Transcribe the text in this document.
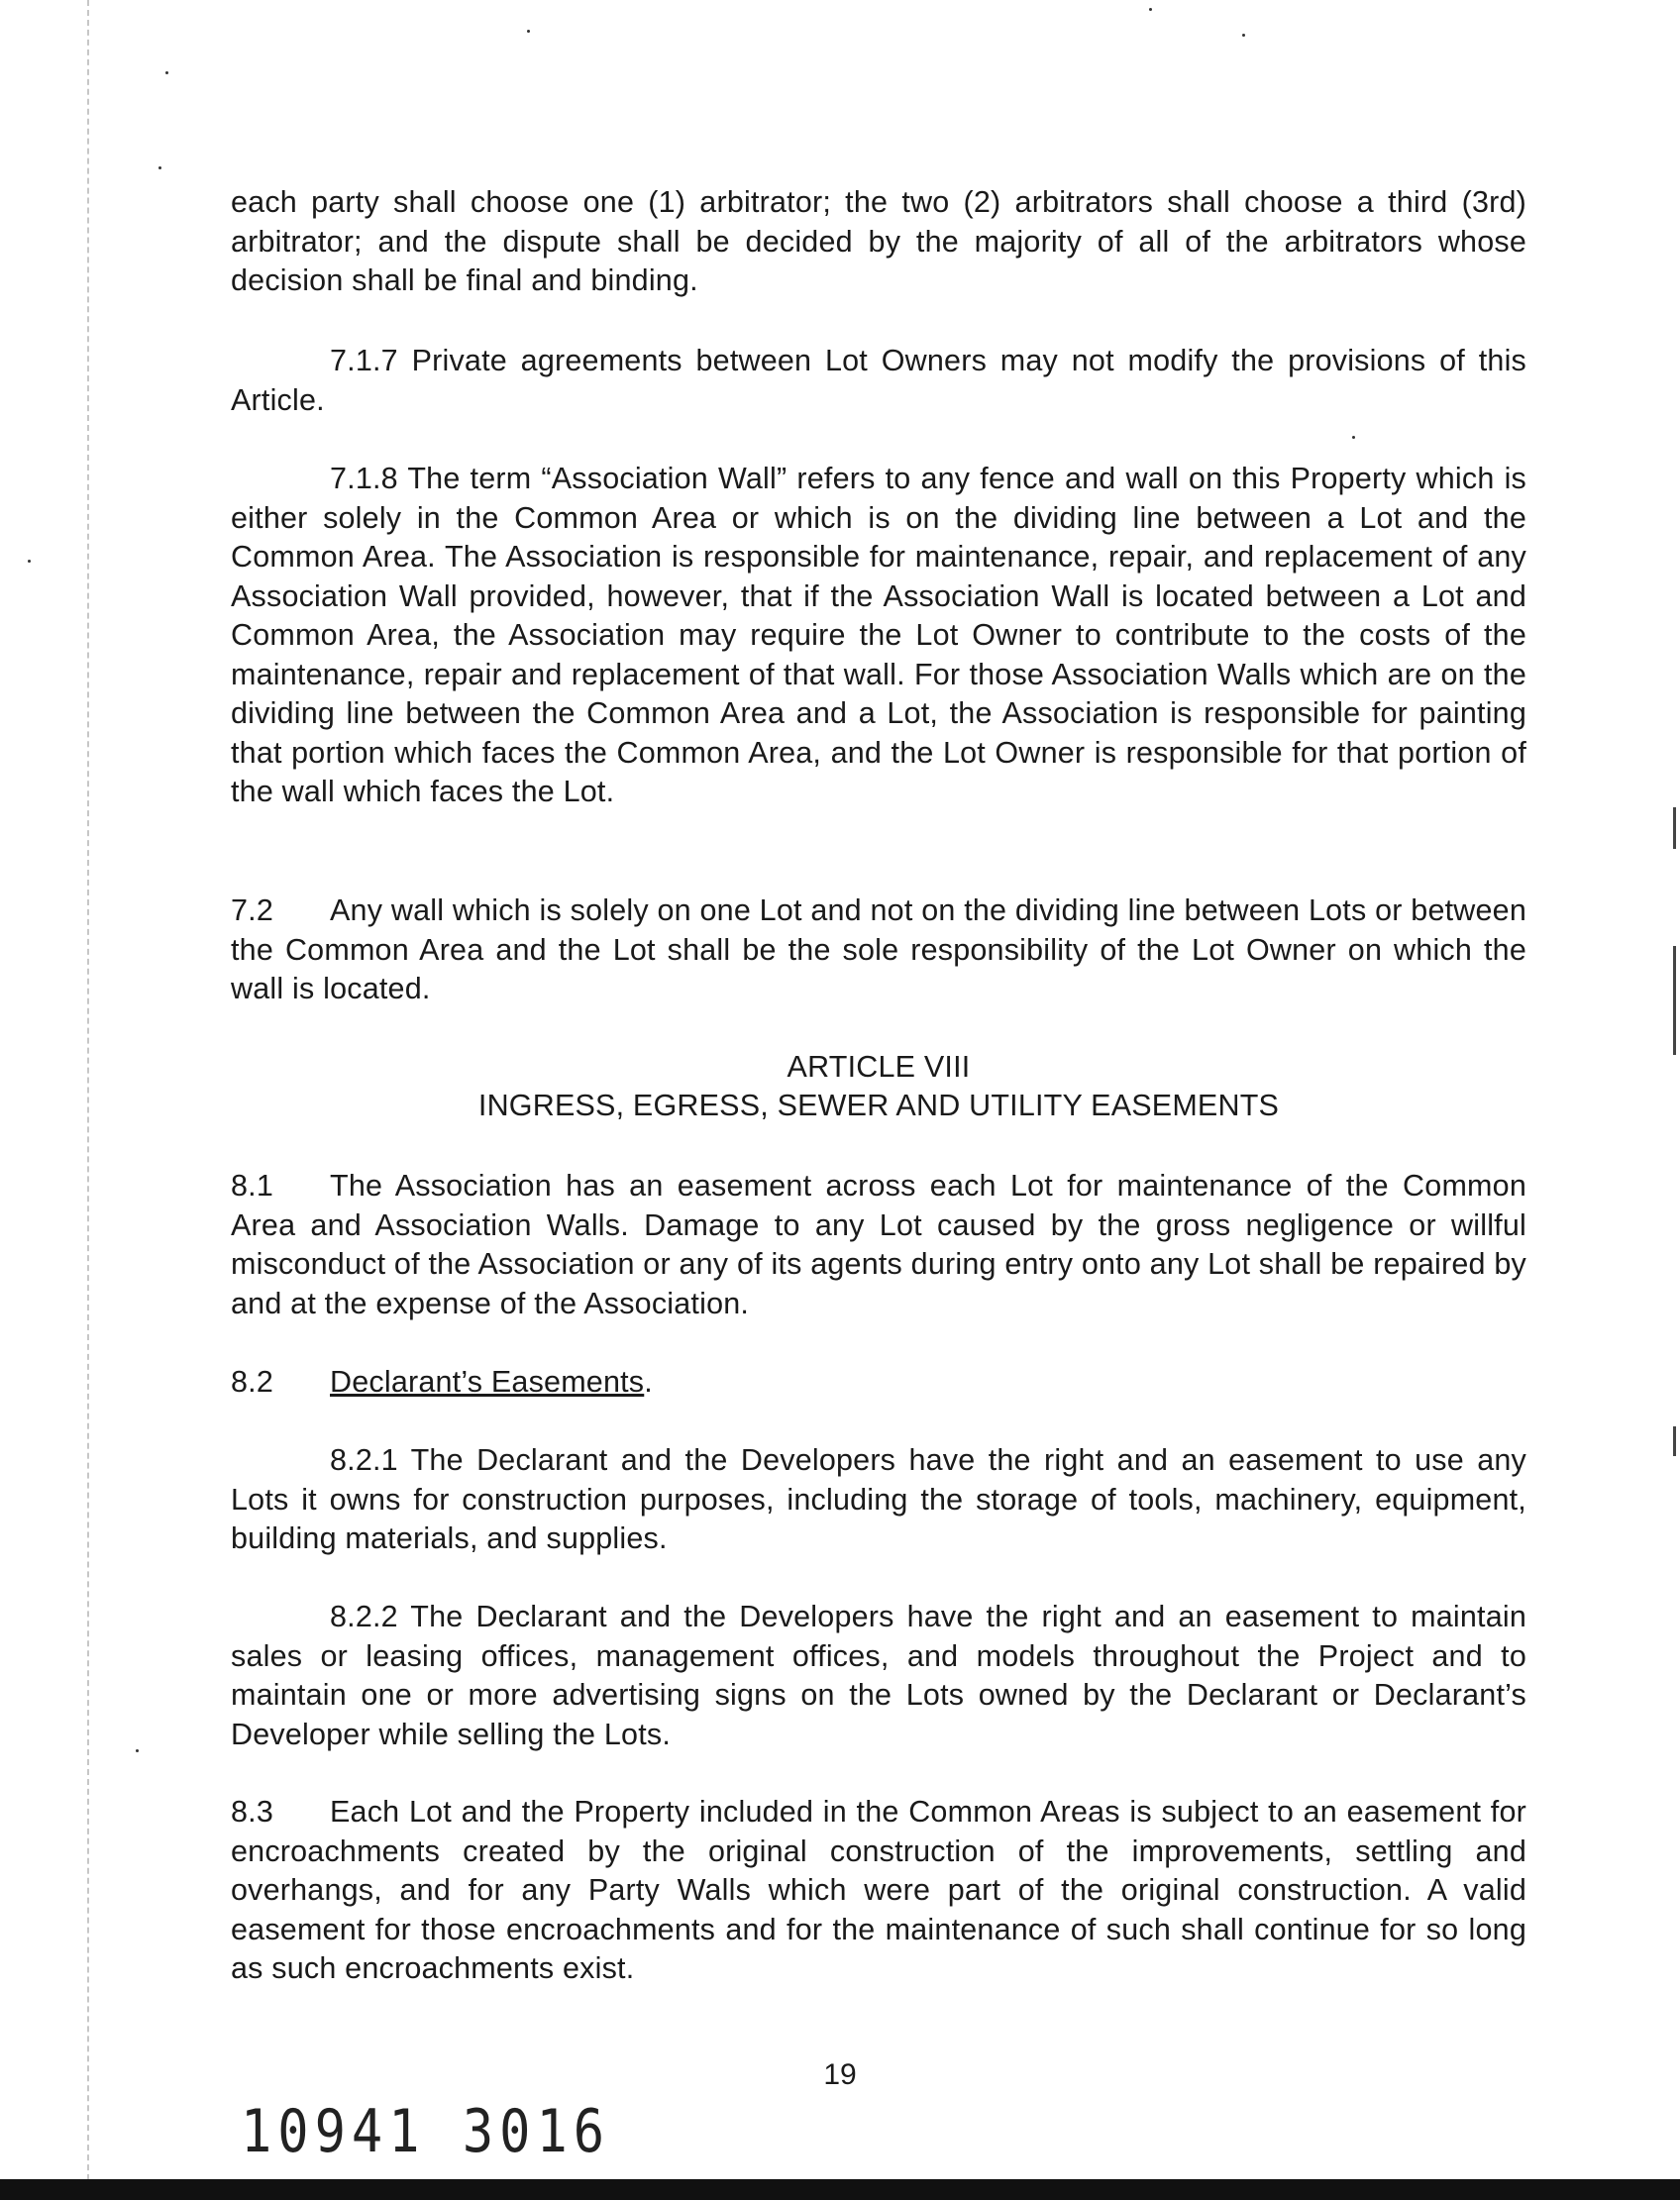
each party shall choose one (1) arbitrator; the two (2) arbitrators shall choose a third (3rd) arbitrator; and the dispute shall be decided by the majority of all of the arbitrators whose decision shall be final and binding.

7.1.7 Private agreements between Lot Owners may not modify the provisions of this Article.

7.1.8 The term “Association Wall” refers to any fence and wall on this Property which is either solely in the Common Area or which is on the dividing line between a Lot and the Common Area. The Association is responsible for maintenance, repair, and replacement of any Association Wall provided, however, that if the Association Wall is located between a Lot and Common Area, the Association may require the Lot Owner to contribute to the costs of the maintenance, repair and replacement of that wall. For those Association Walls which are on the dividing line between the Common Area and a Lot, the Association is responsible for painting that portion which faces the Common Area, and the Lot Owner is responsible for that portion of the wall which faces the Lot.

7.2 Any wall which is solely on one Lot and not on the dividing line between Lots or between the Common Area and the Lot shall be the sole responsibility of the Lot Owner on which the wall is located.

ARTICLE VIII

INGRESS, EGRESS, SEWER AND UTILITY EASEMENTS

8.1 The Association has an easement across each Lot for maintenance of the Common Area and Association Walls. Damage to any Lot caused by the gross negligence or willful misconduct of the Association or any of its agents during entry onto any Lot shall be repaired by and at the expense of the Association.

8.2 Declarant’s Easements.

8.2.1 The Declarant and the Developers have the right and an easement to use any Lots it owns for construction purposes, including the storage of tools, machinery, equipment, building materials, and supplies.

8.2.2 The Declarant and the Developers have the right and an easement to maintain sales or leasing offices, management offices, and models throughout the Project and to maintain one or more advertising signs on the Lots owned by the Declarant or Declarant’s Developer while selling the Lots.

8.3 Each Lot and the Property included in the Common Areas is subject to an easement for encroachments created by the original construction of the improvements, settling and overhangs, and for any Party Walls which were part of the original construction. A valid easement for those encroachments and for the maintenance of such shall continue for so long as such encroachments exist.

19
10941 3016
